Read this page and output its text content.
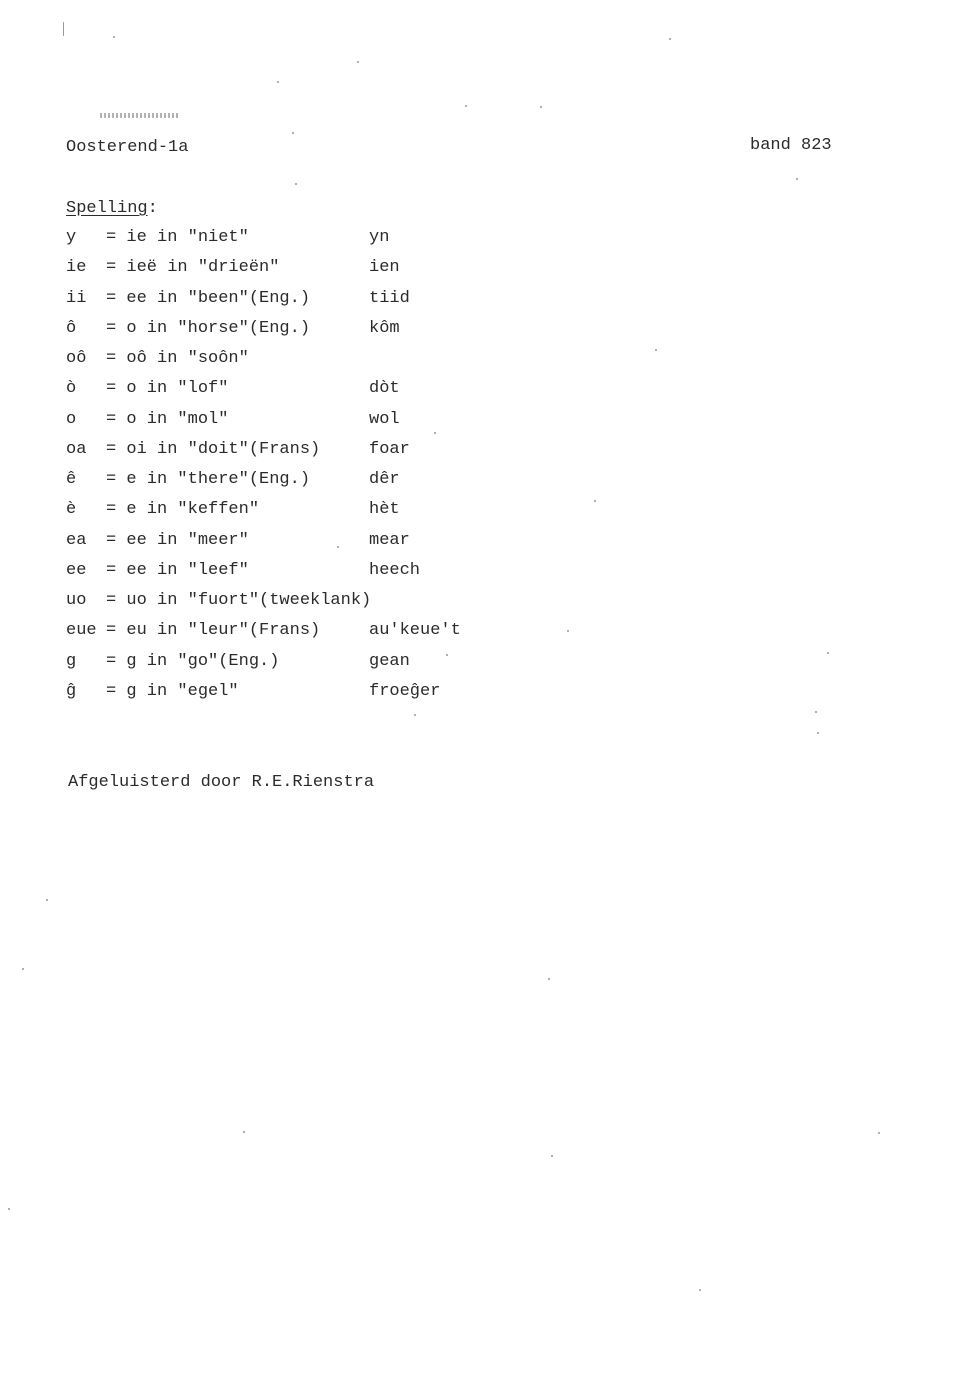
Oosterend-1a	band 823
Spelling:
y	= ie in "niet"	yn
ie	= ieë in "drieën"	ien
ii	= ee in "been"(Eng.)	tiid
ô	= o in "horse"(Eng.)	kôm
oô	= oô in "soôn"
ò	= o in "lof"	dòt
o	= o in "mol"	wol
oa	= oi in "doit"(Frans)	foar
ê	= e in "there"(Eng.)	dêr
è	= e in "keffen"	hèt
ea	= ee in "meer"	mear
ee	= ee in "leef"	heech
uo	= uo in "fuort"(tweeklank)
eue = eu in "leur"(Frans)	au'keue't
g	= g in "go"(Eng.)	gean
ĝ	= g in "egel"	froeĝer
Afgeluisterd door R.E.Rienstra
